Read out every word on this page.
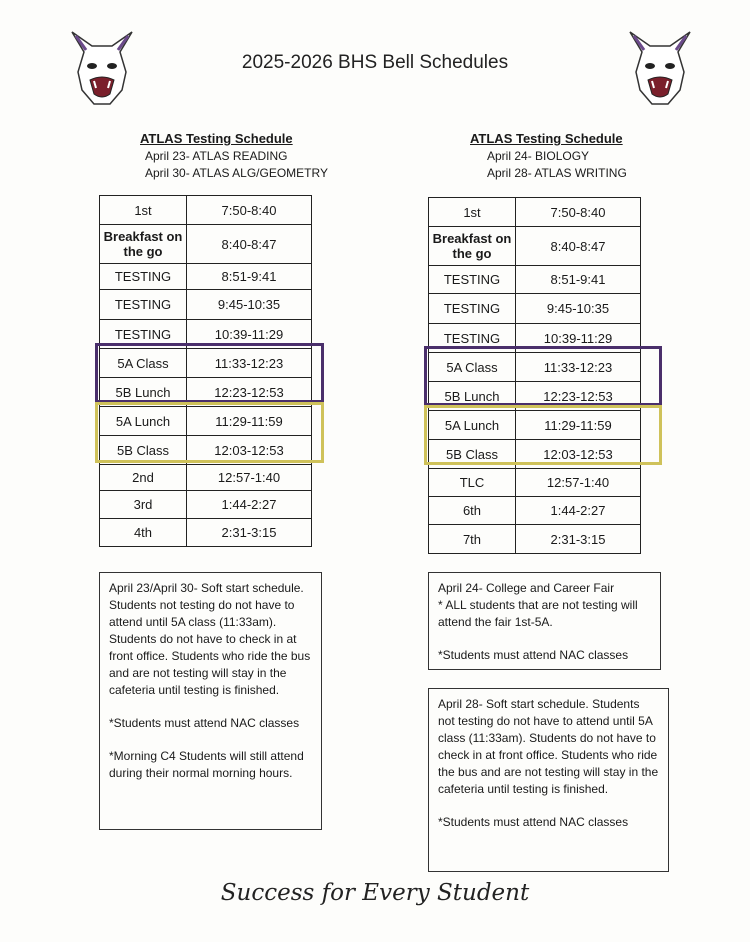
2025-2026 BHS Bell Schedules
ATLAS Testing Schedule
April 23- ATLAS READING
April 30- ATLAS ALG/GEOMETRY
1st	7:50-8:40
Breakfast on the go	8:40-8:47
TESTING	8:51-9:41
TESTING	9:45-10:35
TESTING	10:39-11:29
5A Class	11:33-12:23
5B Lunch	12:23-12:53
5A Lunch	11:29-11:59
5B Class	12:03-12:53
2nd	12:57-1:40
3rd	1:44-2:27
4th	2:31-3:15

April 23/April 30- Soft start schedule. Students not testing do not have to attend until 5A class (11:33am). Students do not have to check in at front office. Students who ride the bus and are not testing will stay in the cafeteria until testing is finished.

*Students must attend NAC classes

*Morning C4 Students will still attend during their normal morning hours.

ATLAS Testing Schedule
April 24- BIOLOGY
April 28- ATLAS WRITING
1st	7:50-8:40
Breakfast on the go	8:40-8:47
TESTING	8:51-9:41
TESTING	9:45-10:35
TESTING	10:39-11:29
5A Class	11:33-12:23
5B Lunch	12:23-12:53
5A Lunch	11:29-11:59
5B Class	12:03-12:53
TLC	12:57-1:40
6th	1:44-2:27
7th	2:31-3:15

April 24- College and Career Fair

* ALL students that are not testing will attend the fair 1st-5A.

*Students must attend NAC classes

April 28- Soft start schedule. Students not testing do not have to attend until 5A class (11:33am). Students do not have to check in at front office. Students who ride the bus and are not testing will stay in the cafeteria until testing is finished.

*Students must attend NAC classes

Success for Every Student
